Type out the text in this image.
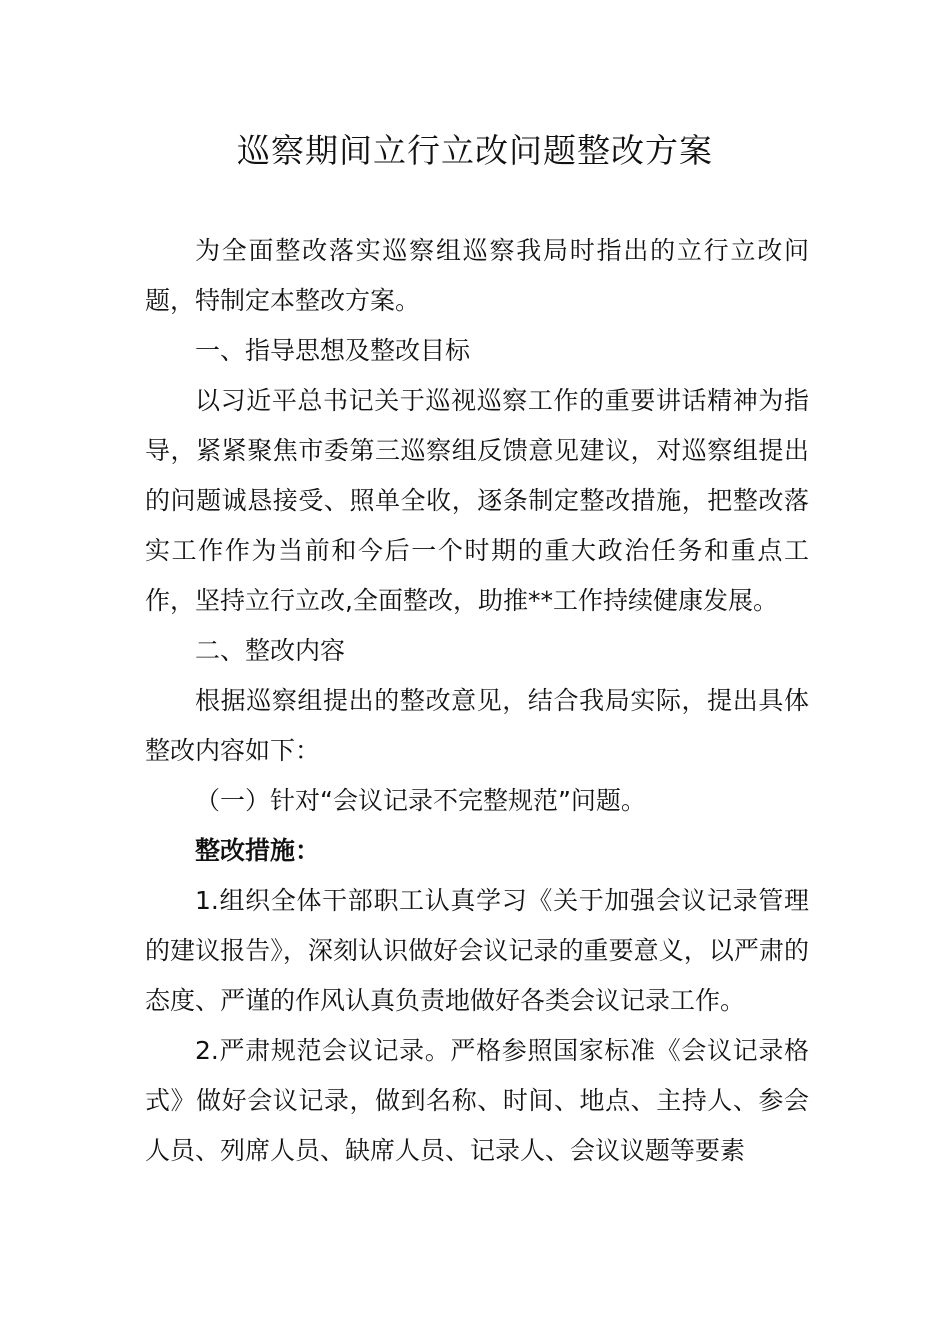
巡察期间立行立改问题整改方案

为全面整改落实巡察组巡察我局时指出的立行立改问题，特制定本整改方案。

一、指导思想及整改目标

以习近平总书记关于巡视巡察工作的重要讲话精神为指导，紧紧聚焦市委第三巡察组反馈意见建议，对巡察组提出的问题诚恳接受、照单全收，逐条制定整改措施，把整改落实工作作为当前和今后一个时期的重大政治任务和重点工作，坚持立行立改,全面整改，助推**工作持续健康发展。

二、整改内容

根据巡察组提出的整改意见，结合我局实际，提出具体整改内容如下：

（一）针对“会议记录不完整规范”问题。

整改措施：

1.组织全体干部职工认真学习《关于加强会议记录管理的建议报告》，深刻认识做好会议记录的重要意义，以严肃的态度、严谨的作风认真负责地做好各类会议记录工作。

2.严肃规范会议记录。严格参照国家标准《会议记录格式》做好会议记录，做到名称、时间、地点、主持人、参会人员、列席人员、缺席人员、记录人、会议议题等要素
